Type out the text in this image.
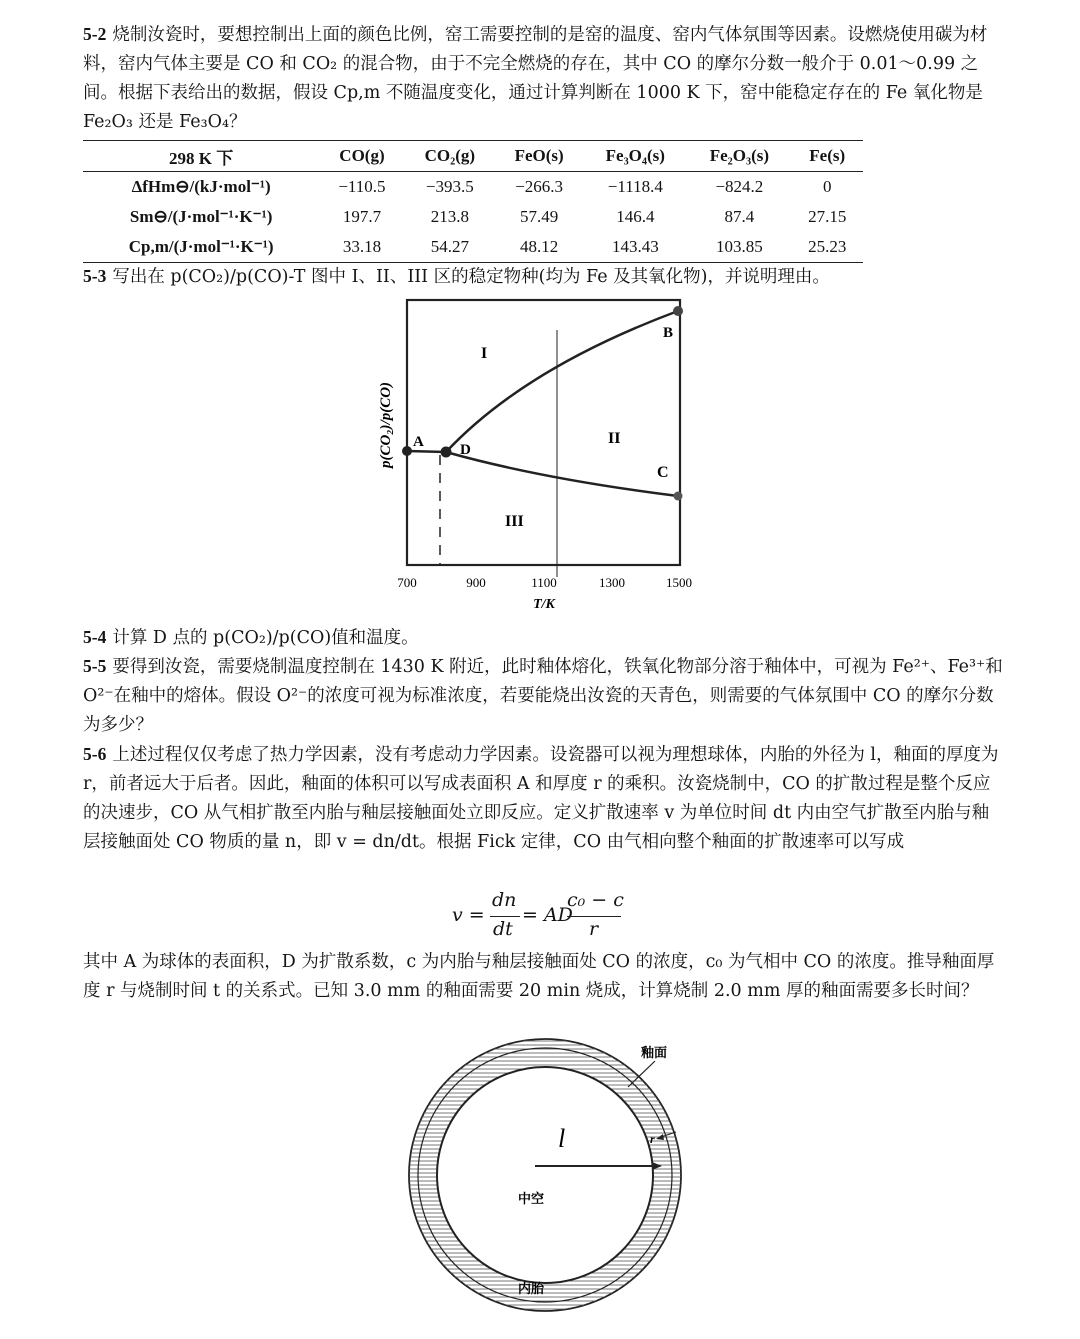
5-2 烧制汝瓷时，要想控制出上面的颜色比例，窑工需要控制的是窑的温度、窑内气体氛围等因素。设燃烧使用碳为材料，窑内气体主要是 CO 和 CO₂ 的混合物，由于不完全燃烧的存在，其中 CO 的摩尔分数一般介于 0.01～0.99 之间。根据下表给出的数据，假设 Cp,m 不随温度变化，通过计算判断在 1000 K 下，窑中能稳定存在的 Fe 氧化物是 Fe₂O₃ 还是 Fe₃O₄？

298 K 下	CO(g)	CO₂(g)	FeO(s)	Fe₃O₄(s)	Fe₂O₃(s)	Fe(s)
ΔfHm⊖/(kJ·mol⁻¹)	−110.5	−393.5	−266.3	−1118.4	−824.2	0
Sm⊖/(J·mol⁻¹·K⁻¹)	197.7	213.8	57.49	146.4	87.4	27.15
Cp,m/(J·mol⁻¹·K⁻¹)	33.18	54.27	48.12	143.43	103.85	25.23

5-3 写出在 p(CO₂)/p(CO)-T 图中 I、II、III 区的稳定物种(均为 Fe 及其氧化物)，并说明理由。

A D
B
C
I
II
III
p(CO₂)/p(CO)
700	900	1100	1300	1500
T/K

5-4 计算 D 点的 p(CO₂)/p(CO)值和温度。

5-5 要得到汝瓷，需要烧制温度控制在 1430 K 附近，此时釉体熔化，铁氧化物部分溶于釉体中，可视为 Fe²⁺、Fe³⁺和 O²⁻在釉中的熔体。假设 O²⁻的浓度可视为标准浓度，若要能烧出汝瓷的天青色，则需要的气体氛围中 CO 的摩尔分数为多少？

5-6 上述过程仅仅考虑了热力学因素，没有考虑动力学因素。设瓷器可以视为理想球体，内胎的外径为 l，釉面的厚度为 r，前者远大于后者。因此，釉面的体积可以写成表面积 A 和厚度 r 的乘积。汝瓷烧制中，CO 的扩散过程是整个反应的决速步，CO 从气相扩散至内胎与釉层接触面处立即反应。定义扩散速率 v 为单位时间 dt 内由空气扩散至内胎与釉层接触面处 CO 物质的量 n，即 v = dn/dt。根据 Fick 定律，CO 由气相向整个釉面的扩散速率可以写成

v =
dn
dt
= AD
c₀ − c
r

其中 A 为球体的表面积，D 为扩散系数，c 为内胎与釉层接触面处 CO 的浓度，c₀ 为气相中 CO 的浓度。推导釉面厚度 r 与烧制时间 t 的关系式。已知 3.0 mm 的釉面需要 20 min 烧成，计算烧制 2.0 mm 厚的釉面需要多长时间？

釉面
l	r
中空
内胎
